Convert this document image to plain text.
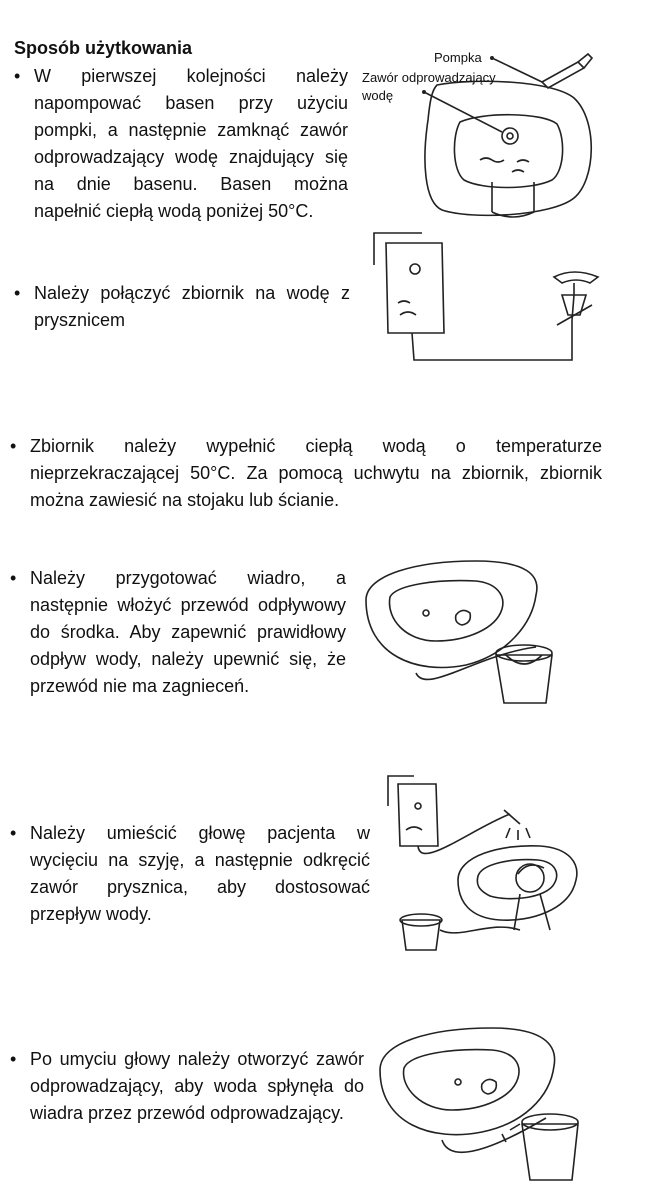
Sposób użytkowania
• W pierwszej kolejności należy napompować basen przy użyciu pompki, a następnie zamknąć zawór odprowadzający wodę znajdujący się na dnie basenu. Basen można napełnić ciepłą wodą poniżej 50°C.
Pompka
Zawór odprowadzający
wodę
• Należy połączyć zbiornik na wodę z prysznicem
• Zbiornik należy wypełnić ciepłą wodą o temperaturze nieprzekraczającej 50°C. Za pomocą uchwytu na zbiornik, zbiornik można zawiesić na stojaku lub ścianie.
• Należy przygotować wiadro, a następnie włożyć przewód odpływowy do środka. Aby zapewnić prawidłowy odpływ wody, należy upewnić się, że przewód nie ma zagnieceń.
• Należy umieścić głowę pacjenta w wycięciu na szyję, a następnie odkręcić zawór prysznica, aby dostosować przepływ wody.
• Po umyciu głowy należy otworzyć zawór odprowadzający, aby woda spłynęła do wiadra przez przewód odprowadzający.
